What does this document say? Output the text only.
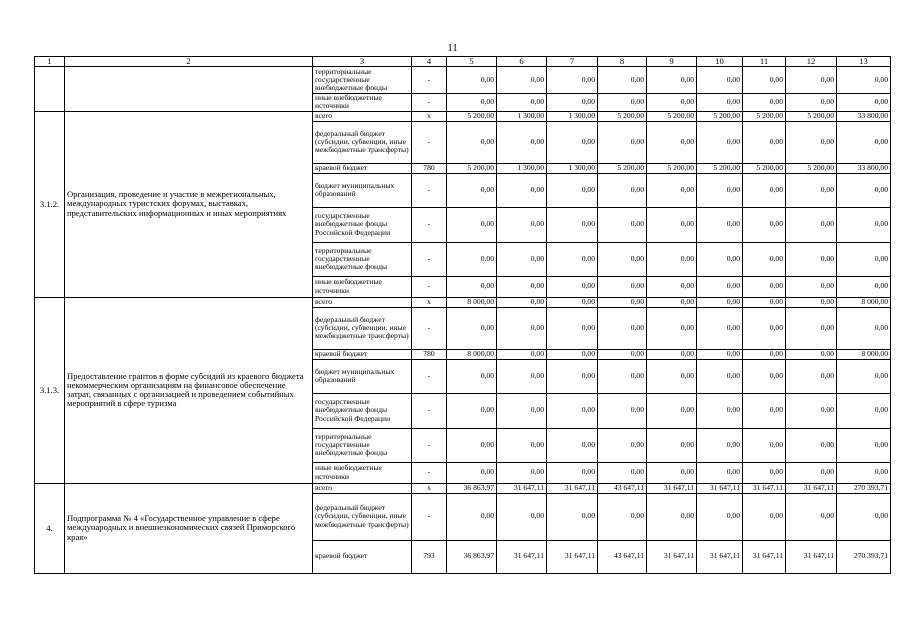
11
1	2	3	4	5	6	7	8	9	10	11	12	13
		территориальные государственные внебюджетные фонды	-	0,00	0,00	0,00	0,00	0,00	0,00	0,00	0,00	0,00
		иные внебюджетные источники	-	0,00	0,00	0,00	0,00	0,00	0,00	0,00	0,00	0,00
3.1.2.	Организация, проведение и участие в межрегиональных, международных туристских форумах, выставках, представительских информационных и иных мероприятиях	всего	x	5 200,00	1 300,00	1 300,00	5 200,00	5 200,00	5 200,00	5 200,00	5 200,00	33 800,00
		федеральный бюджет (субсидии, субвенции, иные межбюджетные трансферты)	-	0,00	0,00	0,00	0,00	0,00	0,00	0,00	0,00	0,00
		краевой бюджет	780	5 200,00	1 300,00	1 300,00	5 200,00	5 200,00	5 200,00	5 200,00	5 200,00	33 800,00
		бюджет муниципальных образований	-	0,00	0,00	0,00	0,00	0,00	0,00	0,00	0,00	0,00
		государственные внебюджетные фонды Российской Федерации	-	0,00	0,00	0,00	0,00	0,00	0,00	0,00	0,00	0,00
		территориальные государственные внебюджетные фонды	-	0,00	0,00	0,00	0,00	0,00	0,00	0,00	0,00	0,00
		иные внебюджетные источники	-	0,00	0,00	0,00	0,00	0,00	0,00	0,00	0,00	0,00
3.1.3.	Предоставление грантов в форме субсидий из краевого бюджета некоммерческим организациям на финансовое обеспечение затрат, связанных с организацией и проведением событийных мероприятий в сфере туризма	всего	x	8 000,00	0,00	0,00	0,00	0,00	0,00	0,00	0,00	8 000,00
		федеральный бюджет (субсидии, субвенции, иные межбюджетные трансферты)	-	0,00	0,00	0,00	0,00	0,00	0,00	0,00	0,00	0,00
		краевой бюджет	780	8 000,00	0,00	0,00	0,00	0,00	0,00	0,00	0,00	8 000,00
		бюджет муниципальных образований	-	0,00	0,00	0,00	0,00	0,00	0,00	0,00	0,00	0,00
		государственные внебюджетные фонды Российской Федерации	-	0,00	0,00	0,00	0,00	0,00	0,00	0,00	0,00	0,00
		территориальные государственные внебюджетные фонды	-	0,00	0,00	0,00	0,00	0,00	0,00	0,00	0,00	0,00
		иные внебюджетные источники	-	0,00	0,00	0,00	0,00	0,00	0,00	0,00	0,00	0,00
4.	Подпрограмма № 4 «Государственное управление в сфере международных и внешнеэкономических связей Приморского края»	всего	x	36 863,97	31 647,11	31 647,11	43 647,11	31 647,11	31 647,11	31 647,11	31 647,11	270 393,71
		федеральный бюджет (субсидии, субвенции, иные межбюджетные трансферты)	-	0,00	0,00	0,00	0,00	0,00	0,00	0,00	0,00	0,00
		краевой бюджет	793	36 863,97	31 647,11	31 647,11	43 647,11	31 647,11	31 647,11	31 647,11	31 647,11	270 393,71
